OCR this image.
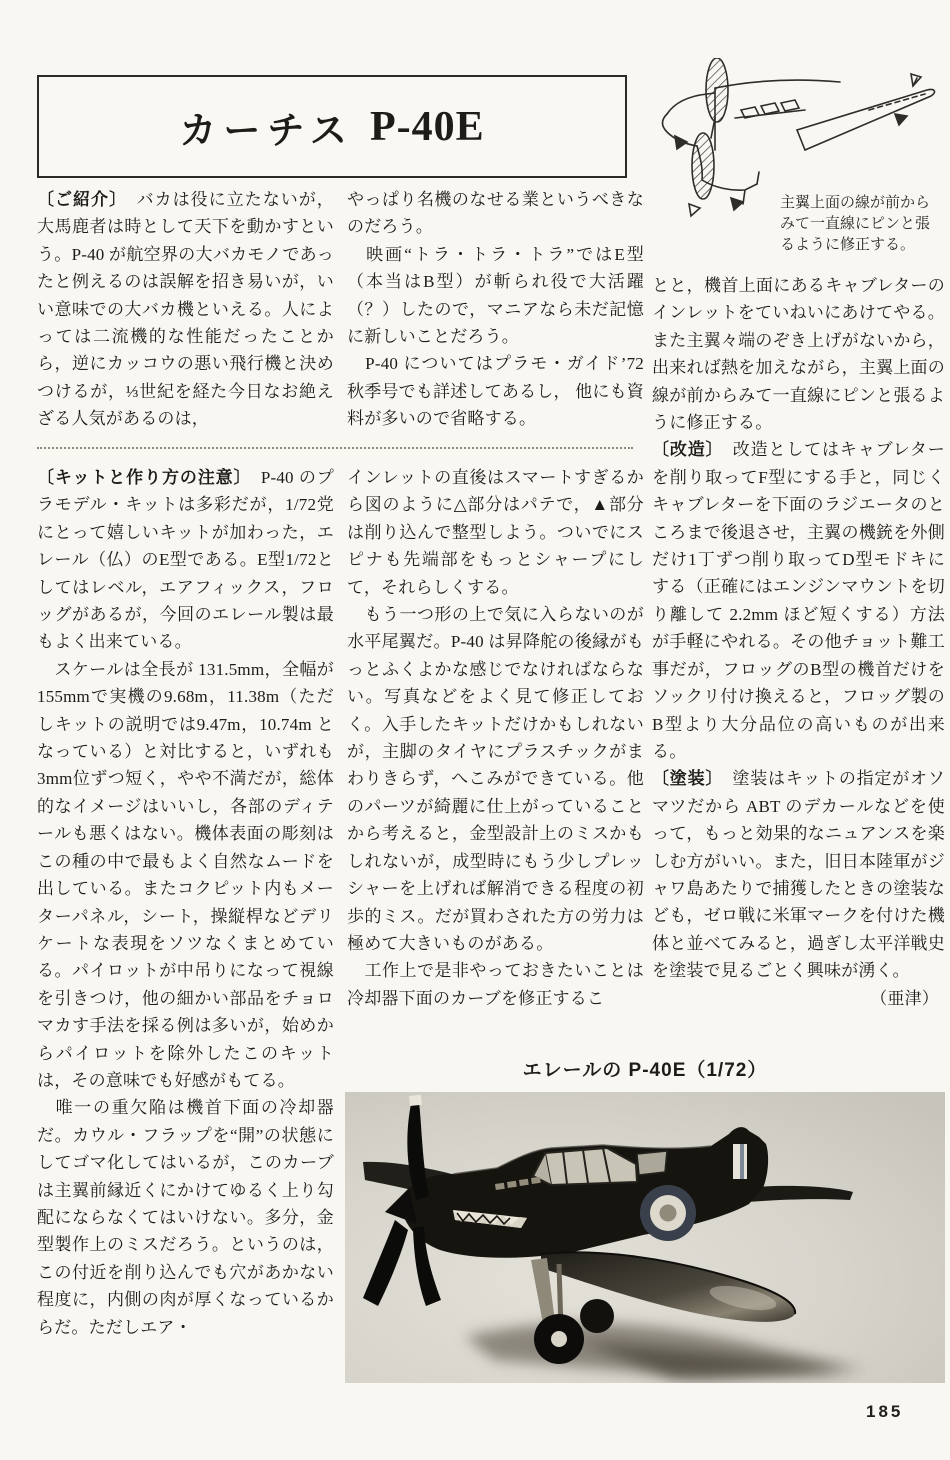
カーチス P-40E
主翼上面の線が前から
みて一直線にピンと張
るように修正する。

〔ご紹介〕　バカは役に立たないが，大馬鹿者は時として天下を動かすという。P-40 が航空界の大バカモノであったと例えるのは誤解を招き易いが，いい意味での大バカ機といえる。人によっては二流機的な性能だったことから，逆にカッコウの悪い飛行機と決めつけるが，⅓世紀を経た今日なお絶えざる人気があるのは，

〔キットと作り方の注意〕　P-40 のプラモデル・キットは多彩だが，1/72党にとって嬉しいキットが加わった，エレール（仏）のE型である。E型1/72としてはレベル，エアフィックス，フロッグがあるが，今回のエレール製は最もよく出来ている。

　スケールは全長が 131.5mm，全幅が155mmで実機の9.68m，11.38m（ただしキットの説明では9.47m，10.74m となっている）と対比すると，いずれも3mm位ずつ短く，やや不満だが，総体的なイメージはいいし，各部のディテールも悪くはない。機体表面の彫刻はこの種の中で最もよく自然なムードを出している。またコクピット内もメーターパネル，シート，操縦桿などデリケートな表現をソツなくまとめている。パイロットが中吊りになって視線を引きつけ，他の細かい部品をチョロマカす手法を採る例は多いが，始めからパイロットを除外したこのキットは，その意味でも好感がもてる。

　唯一の重欠陥は機首下面の冷却器だ。カウル・フラップを“開”の状態にしてゴマ化してはいるが，このカーブは主翼前縁近くにかけてゆるく上り勾配にならなくてはいけない。多分，金型製作上のミスだろう。というのは，この付近を削り込んでも穴があかない程度に，内側の肉が厚くなっているからだ。ただしエア・

やっぱり名機のなせる業というべきなのだろう。

　映画“トラ・トラ・トラ”ではE型（本当はB型）が斬られ役で大活躍（？）したので，マニアなら未だ記憶に新しいことだろう。

　P-40 についてはプラモ・ガイド’72 秋季号でも詳述してあるし， 他にも資料が多いので省略する。

インレットの直後はスマートすぎるから図のように△部分はパテで，▲部分は削り込んで整型しよう。ついでにスピナも先端部をもっとシャープにして，それらしくする。

　もう一つ形の上で気に入らないのが水平尾翼だ。P-40 は昇降舵の後縁がもっとふくよかな感じでなければならない。写真などをよく見て修正しておく。入手したキットだけかもしれないが，主脚のタイヤにプラスチックがまわりきらず，へこみができている。他のパーツが綺麗に仕上がっていることから考えると，金型設計上のミスかもしれないが，成型時にもう少しプレッシャーを上げれば解消できる程度の初歩的ミス。だが買わされた方の労力は極めて大きいものがある。

　工作上で是非やっておきたいことは冷却器下面のカーブを修正するこ

とと，機首上面にあるキャブレターのインレットをていねいにあけてやる。また主翼々端のぞき上げがないから，出来れば熱を加えながら，主翼上面の線が前からみて一直線にピンと張るように修正する。

〔改造〕　改造としてはキャブレターを削り取ってF型にする手と，同じくキャブレターを下面のラジエータのところまで後退させ，主翼の機銃を外側だけ1丁ずつ削り取ってD型モドキにする（正確にはエンジンマウントを切り離して 2.2mm ほど短くする）方法が手軽にやれる。その他チョット難工事だが，フロッグのB型の機首だけをソックリ付け換えると，フロッグ製のB型より大分品位の高いものが出来る。

〔塗装〕　塗装はキットの指定がオソマツだから ABT のデカールなどを使って，もっと効果的なニュアンスを楽しむ方がいい。また，旧日本陸軍がジャワ島あたりで捕獲したときの塗装なども，ゼロ戦に米軍マークを付けた機体と並べてみると，過ぎし太平洋戦史を塗装で見るごとく興味が湧く。

（亜津）

エレールの P-40E（1/72）
185
